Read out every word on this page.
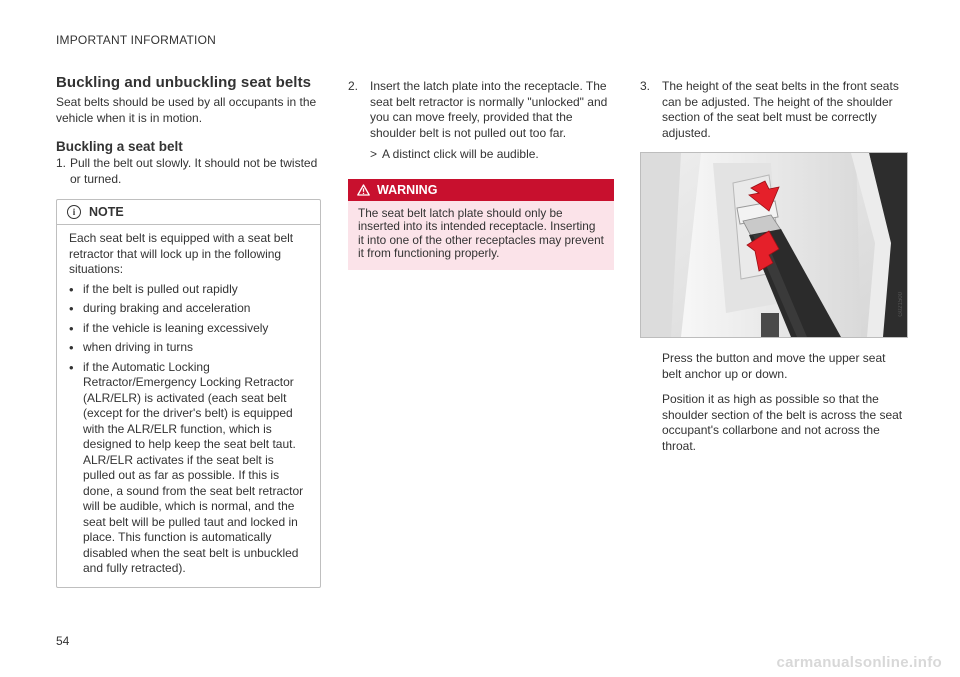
IMPORTANT INFORMATION
Buckling and unbuckling seat belts

Seat belts should be used by all occupants in the vehicle when it is in motion.

Buckling a seat belt
1. Pull the belt out slowly. It should not be twisted or turned.
i	NOTE

Each seat belt is equipped with a seat belt retractor that will lock up in the following situations:

• if the belt is pulled out rapidly
• during braking and acceleration
• if the vehicle is leaning excessively
• when driving in turns
• if the Automatic Locking Retractor/Emergency Locking Retractor (ALR/ELR) is activated (each seat belt (except for the driver's belt) is equipped with the ALR/ELR function, which is designed to help keep the seat belt taut. ALR/ELR activates if the seat belt is pulled out as far as possible. If this is done, a sound from the seat belt retractor will be audible, which is normal, and the seat belt will be pulled taut and locked in place. This function is automatically disabled when the seat belt is unbuckled and fully retracted).
2. Insert the latch plate into the receptacle. The seat belt retractor is normally "unlocked" and you can move freely, provided that the shoulder belt is not pulled out too far.
> A distinct click will be audible.
WARNING
The seat belt latch plate should only be inserted into its intended receptacle. Inserting it into one of the other receptacles may prevent it from functioning properly.
3. The height of the seat belts in the front seats can be adjusted. The height of the shoulder section of the seat belt must be correctly adjusted.
G021500

Press the button and move the upper seat belt anchor up or down.

Position it as high as possible so that the shoulder section of the belt is across the seat occupant's collarbone and not across the throat.

54
carmanualsonline.info
